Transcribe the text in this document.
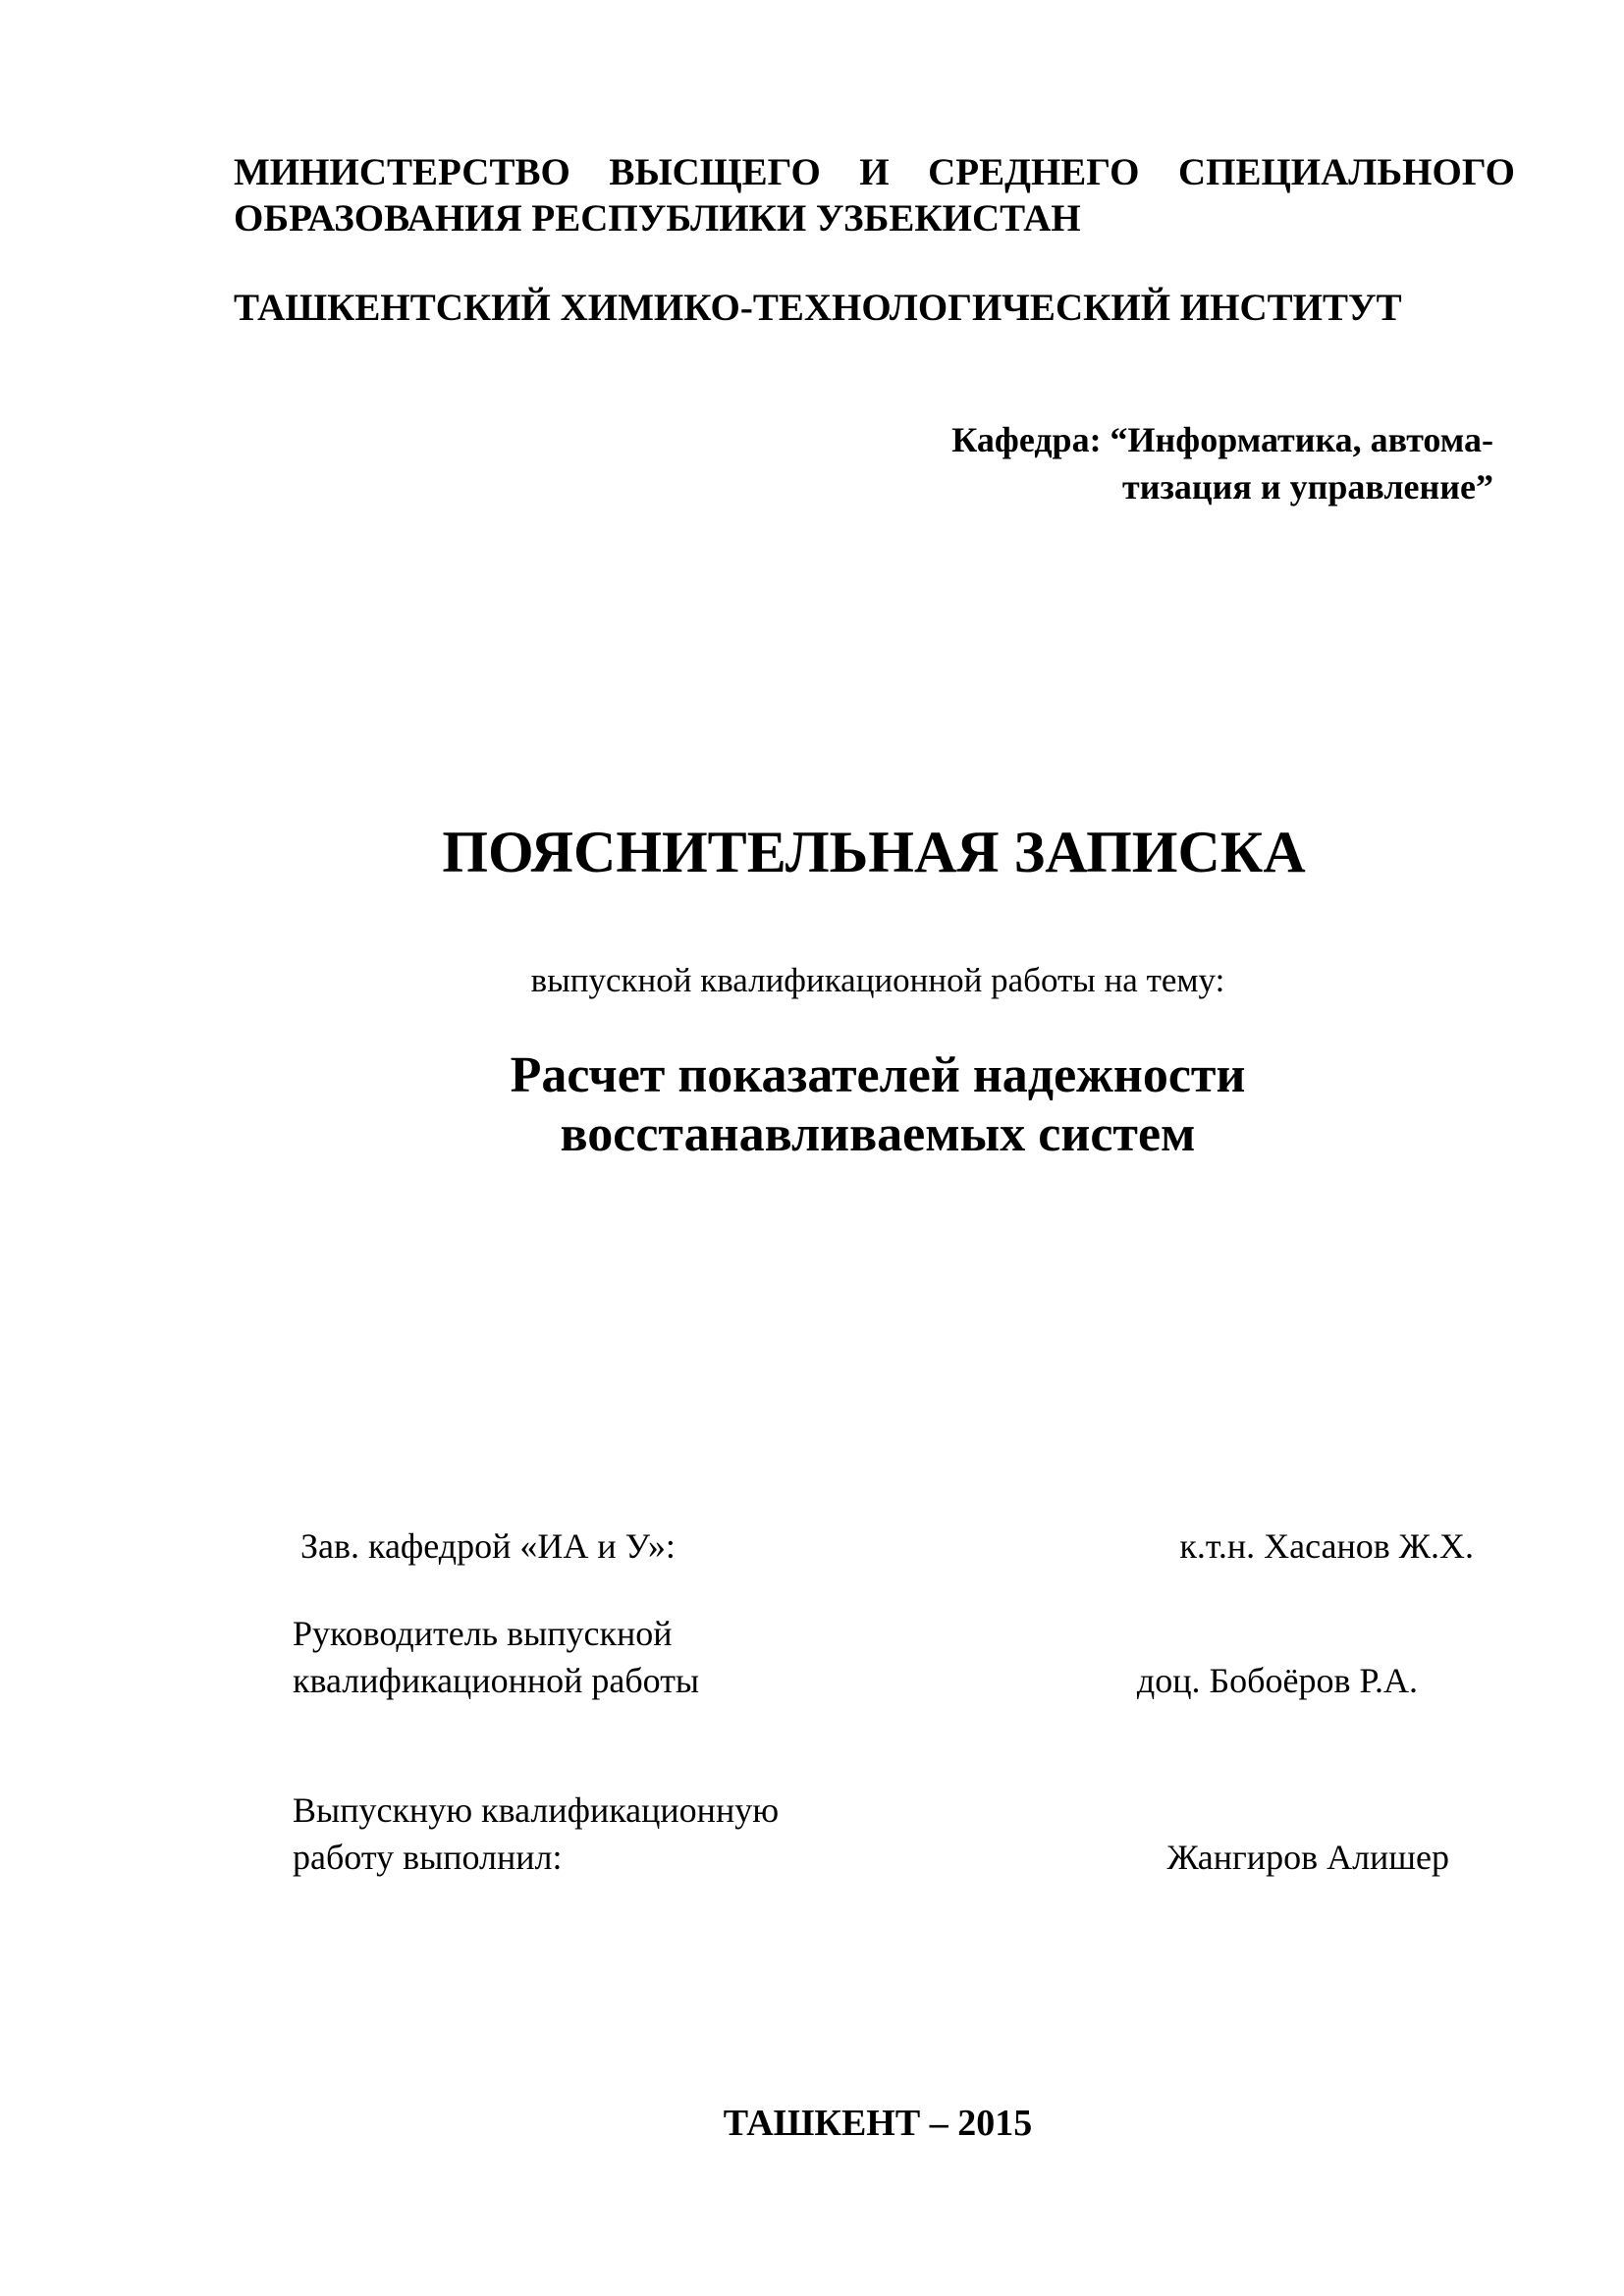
МИНИСТЕРСТВО ВЫСЩЕГО И СРЕДНЕГО СПЕЦИАЛЬНОГО
ОБРАЗОВАНИЯ РЕСПУБЛИКИ УЗБЕКИСТАН
ТАШКЕНТСКИЙ ХИМИКО-ТЕХНОЛОГИЧЕСКИЙ ИНСТИТУТ
Кафедра: “Информатика, автома-
тизация и управление”
ПОЯСНИТЕЛЬНАЯ ЗАПИСКА
выпускной квалификационной работы на тему:
Расчет показателей надежности
восстанавливаемых систем
Зав. кафедрой «ИА и У»:	к.т.н. Хасанов Ж.Х.
Руководитель выпускной
квалификационной работы	доц. Бобоёров Р.А.
Выпускную квалификационную
работу выполнил:	Жангиров Алишер
ТАШКЕНТ – 2015
